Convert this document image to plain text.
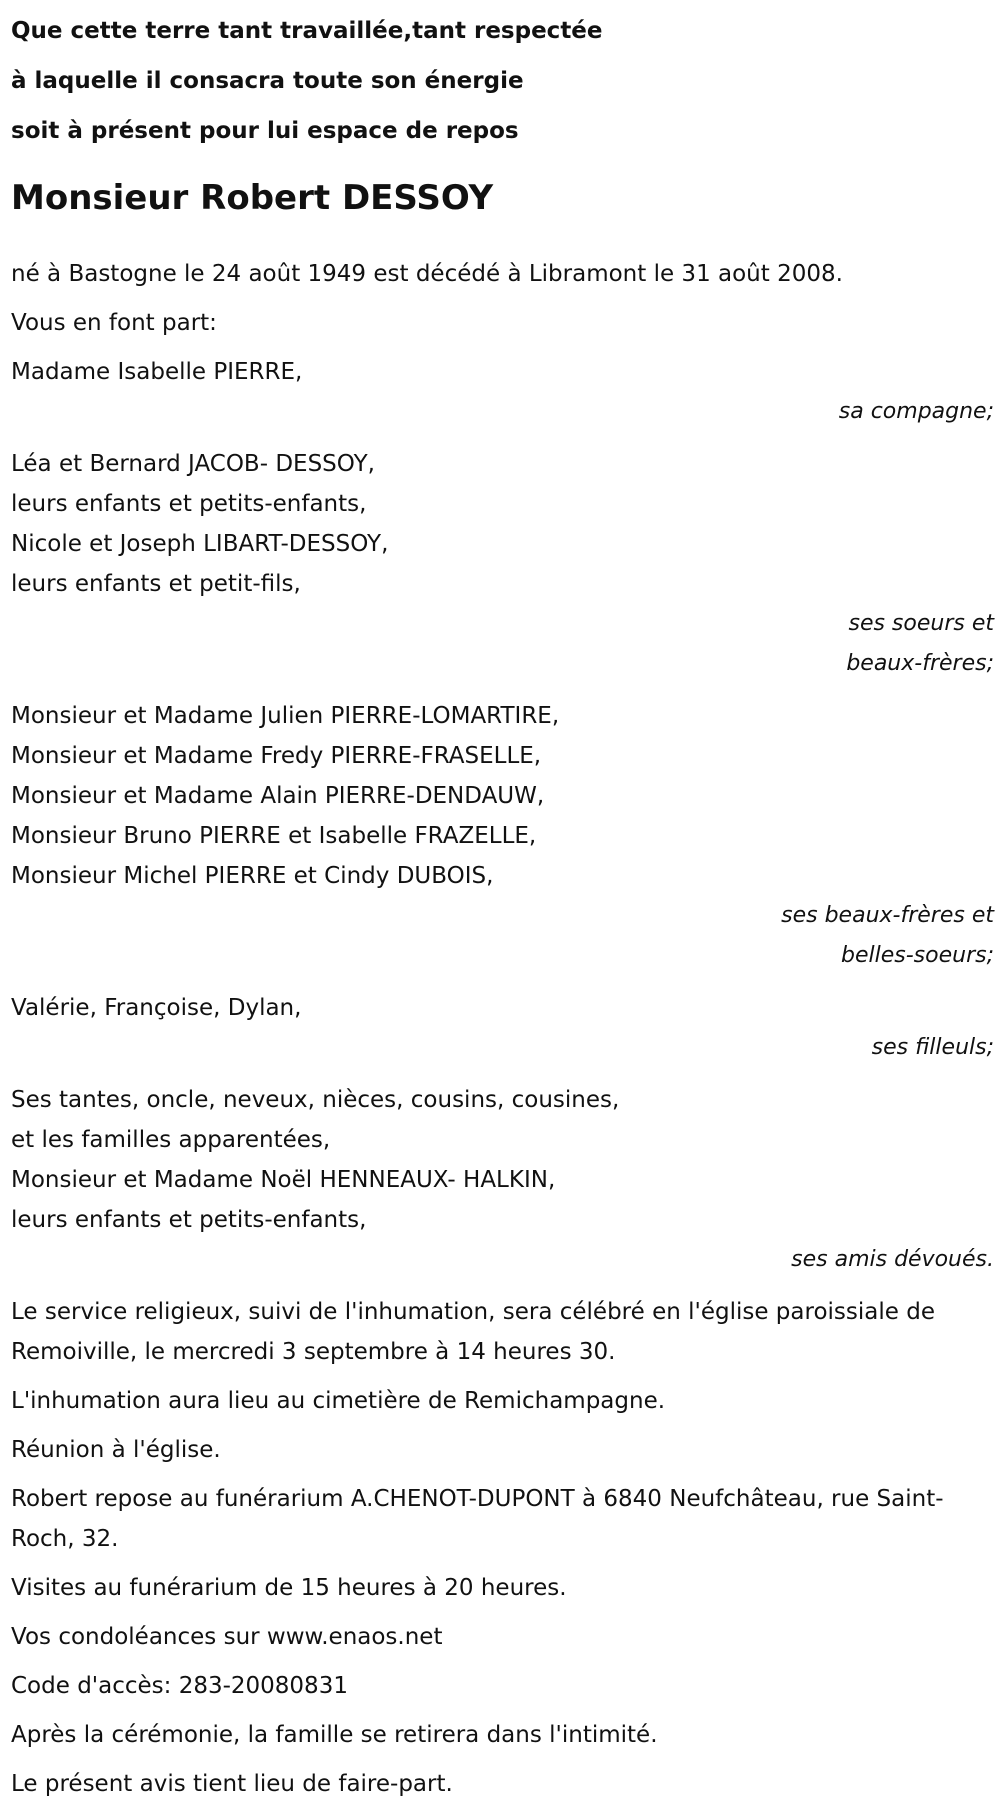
Que cette terre tant travaillée,tant respectée
à laquelle il consacra toute son énergie
soit à présent pour lui espace de repos
Monsieur Robert DESSOY

né à Bastogne le 24 août 1949 est décédé à Libramont le 31 août 2008.

Vous en font part:

Madame Isabelle PIERRE,
sa compagne;
Léa et Bernard JACOB- DESSOY,
leurs enfants et petits-enfants,
Nicole et Joseph LIBART-DESSOY,
leurs enfants et petit-fils,
ses soeurs et
beaux-frères;
Monsieur et Madame Julien PIERRE-LOMARTIRE,
Monsieur et Madame Fredy PIERRE-FRASELLE,
Monsieur et Madame Alain PIERRE-DENDAUW,
Monsieur Bruno PIERRE et Isabelle FRAZELLE,
Monsieur Michel PIERRE et Cindy DUBOIS,
ses beaux-frères et
belles-soeurs;
Valérie, Françoise, Dylan,
ses filleuls;
Ses tantes, oncle, neveux, nièces, cousins, cousines,
et les familles apparentées,
Monsieur et Madame Noël HENNEAUX- HALKIN,
leurs enfants et petits-enfants,
ses amis dévoués.

Le service religieux, suivi de l'inhumation, sera célébré en l'église paroissiale de Remoiville, le mercredi 3 septembre à 14 heures 30.

L'inhumation aura lieu au cimetière de Remichampagne.

Réunion à l'église.

Robert repose au funérarium A.CHENOT-DUPONT à 6840 Neufchâteau, rue Saint-Roch, 32.

Visites au funérarium de 15 heures à 20 heures.

Vos condoléances sur www.enaos.net

Code d'accès: 283-20080831

Après la cérémonie, la famille se retirera dans l'intimité.

Le présent avis tient lieu de faire-part.
